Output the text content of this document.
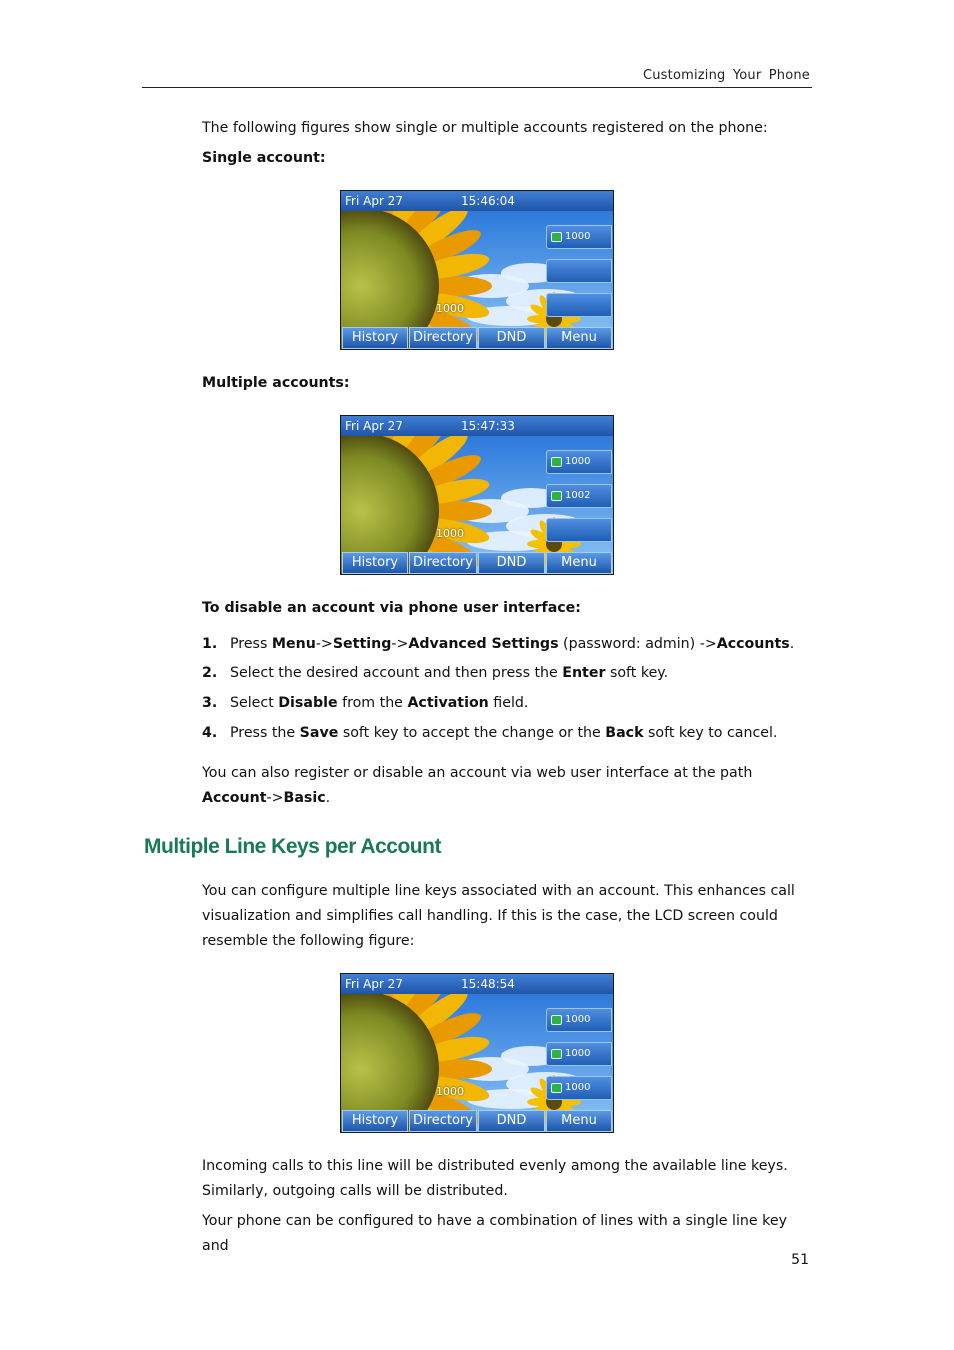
Customizing Your Phone
The following figures show single or multiple accounts registered on the phone:
Single account:
Fri Apr 27	15:46:04
1000
1000
History	Directory	DND	Menu
Multiple accounts:
Fri Apr 27	15:47:33
1000
1002
1000
History	Directory	DND	Menu
To disable an account via phone user interface:
1. Press Menu->Setting->Advanced Settings (password: admin) ->Accounts.
2. Select the desired account and then press the Enter soft key.
3. Select Disable from the Activation field.
4. Press the Save soft key to accept the change or the Back soft key to cancel.
You can also register or disable an account via web user interface at the path
Account->Basic.
Multiple Line Keys per Account
You can configure multiple line keys associated with an account. This enhances call
visualization and simplifies call handling. If this is the case, the LCD screen could
resemble the following figure:
Fri Apr 27	15:48:54
1000
1000
1000
1000
History	Directory	DND	Menu
Incoming calls to this line will be distributed evenly among the available line keys.
Similarly, outgoing calls will be distributed.
Your phone can be configured to have a combination of lines with a single line key and
51
